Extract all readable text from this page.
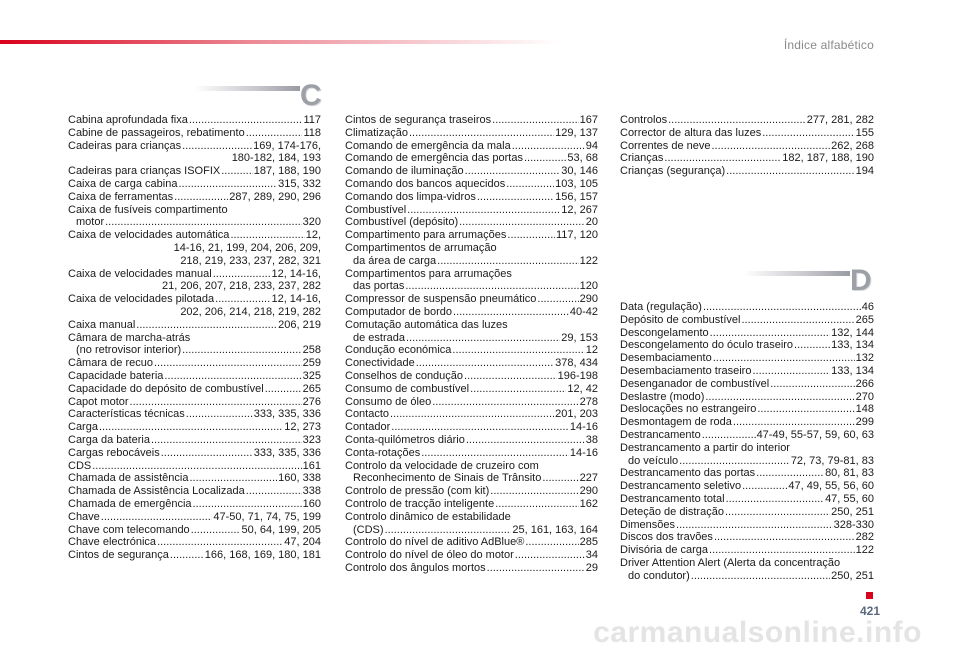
Índice alfabético
C
D
Cabina aprofundada fixa .....	117
Cabine de passageiros, rebatimento .....	118
Cadeiras para crianças .....	169, 174-176,
180-182, 184, 193
Cadeiras para crianças ISOFIX .....	187, 188, 190
Caixa de carga cabina .....	315, 332
Caixa de ferramentas .....	287, 289, 290, 296
Caixa de fusíveis compartimento
motor .....	320
Caixa de velocidades automática .....	12,
14-16, 21, 199, 204, 206, 209,
218, 219, 233, 237, 282, 321
Caixa de velocidades manual .....	12, 14-16,
21, 206, 207, 218, 233, 237, 282
Caixa de velocidades pilotada .....	12, 14-16,
202, 206, 214, 218, 219, 282
Caixa manual .....	206, 219
Câmara de marcha-atrás
(no retrovisor interior) .....	258
Câmara de recuo .....	259
Capacidade bateria .....	325
Capacidade do depósito de combustível .....	265
Capot motor .....	276
Características técnicas .....	333, 335, 336
Carga .....	12, 273
Carga da bateria .....	323
Cargas rebocáveis .....	333, 335, 336
CDS .....	161
Chamada de assistência .....	160, 338
Chamada de Assistência Localizada .....	338
Chamada de emergência .....	160
Chave .....	47-50, 71, 74, 75, 199
Chave com telecomando .....	50, 64, 199, 205
Chave electrónica .....	47, 204
Cintos de segurança .....	166, 168, 169, 180, 181
Cintos de segurança traseiros .....	167
Climatização .....	129, 137
Comando de emergência da mala .....	94
Comando de emergência das portas .....	53, 68
Comando de iluminação .....	30, 146
Comando dos bancos aquecidos .....	103, 105
Comando dos limpa-vidros .....	156, 157
Combustível .....	12, 267
Combustível (depósito) .....	20
Compartimento para arrumações .....	117, 120
Compartimentos de arrumação
da área de carga .....	122
Compartimentos para arrumações
das portas .....	120
Compressor de suspensão pneumático .....	290
Computador de bordo .....	40-42
Comutação automática das luzes
de estrada .....	29, 153
Condução económica .....	12
Conectividade .....	378, 434
Conselhos de condução .....	196-198
Consumo de combustível .....	12, 42
Consumo de óleo .....	278
Contacto .....	201, 203
Contador .....	14-16
Conta-quilómetros diário .....	38
Conta-rotações .....	14-16
Controlo da velocidade de cruzeiro com
Reconhecimento de Sinais de Trânsito .....	227
Controlo de pressão (com kit) .....	290
Controlo de tracção inteligente .....	162
Controlo dinâmico de estabilidade
(CDS) .....	25, 161, 163, 164
Controlo do nível de aditivo AdBlue® .....	285
Controlo do nível de óleo do motor .....	34
Controlo dos ângulos mortos .....	29
Controlos .....	277, 281, 282
Corrector de altura das luzes .....	155
Correntes de neve .....	262, 268
Crianças .....	182, 187, 188, 190
Crianças (segurança) .....	194
Data (regulação) .....	46
Depósito de combustível .....	265
Descongelamento .....	132, 144
Descongelamento do óculo traseiro .....	133, 134
Desembaciamento .....	132
Desembaciamento traseiro .....	133, 134
Desenganador de combustível .....	266
Deslastre (modo) .....	270
Deslocações no estrangeiro .....	148
Desmontagem de roda .....	299
Destrancamento .....	47-49, 55-57, 59, 60, 63
Destrancamento a partir do interior
do veículo .....	72, 73, 79-81, 83
Destrancamento das portas .....	80, 81, 83
Destrancamento seletivo .....	47, 49, 55, 56, 60
Destrancamento total .....	47, 55, 60
Deteção de distração .....	250, 251
Dimensões .....	328-330
Discos dos travões .....	282
Divisória de carga .....	122
Driver Attention Alert (Alerta da concentração
do condutor) .....	250, 251
421
carmanualsonline.info
